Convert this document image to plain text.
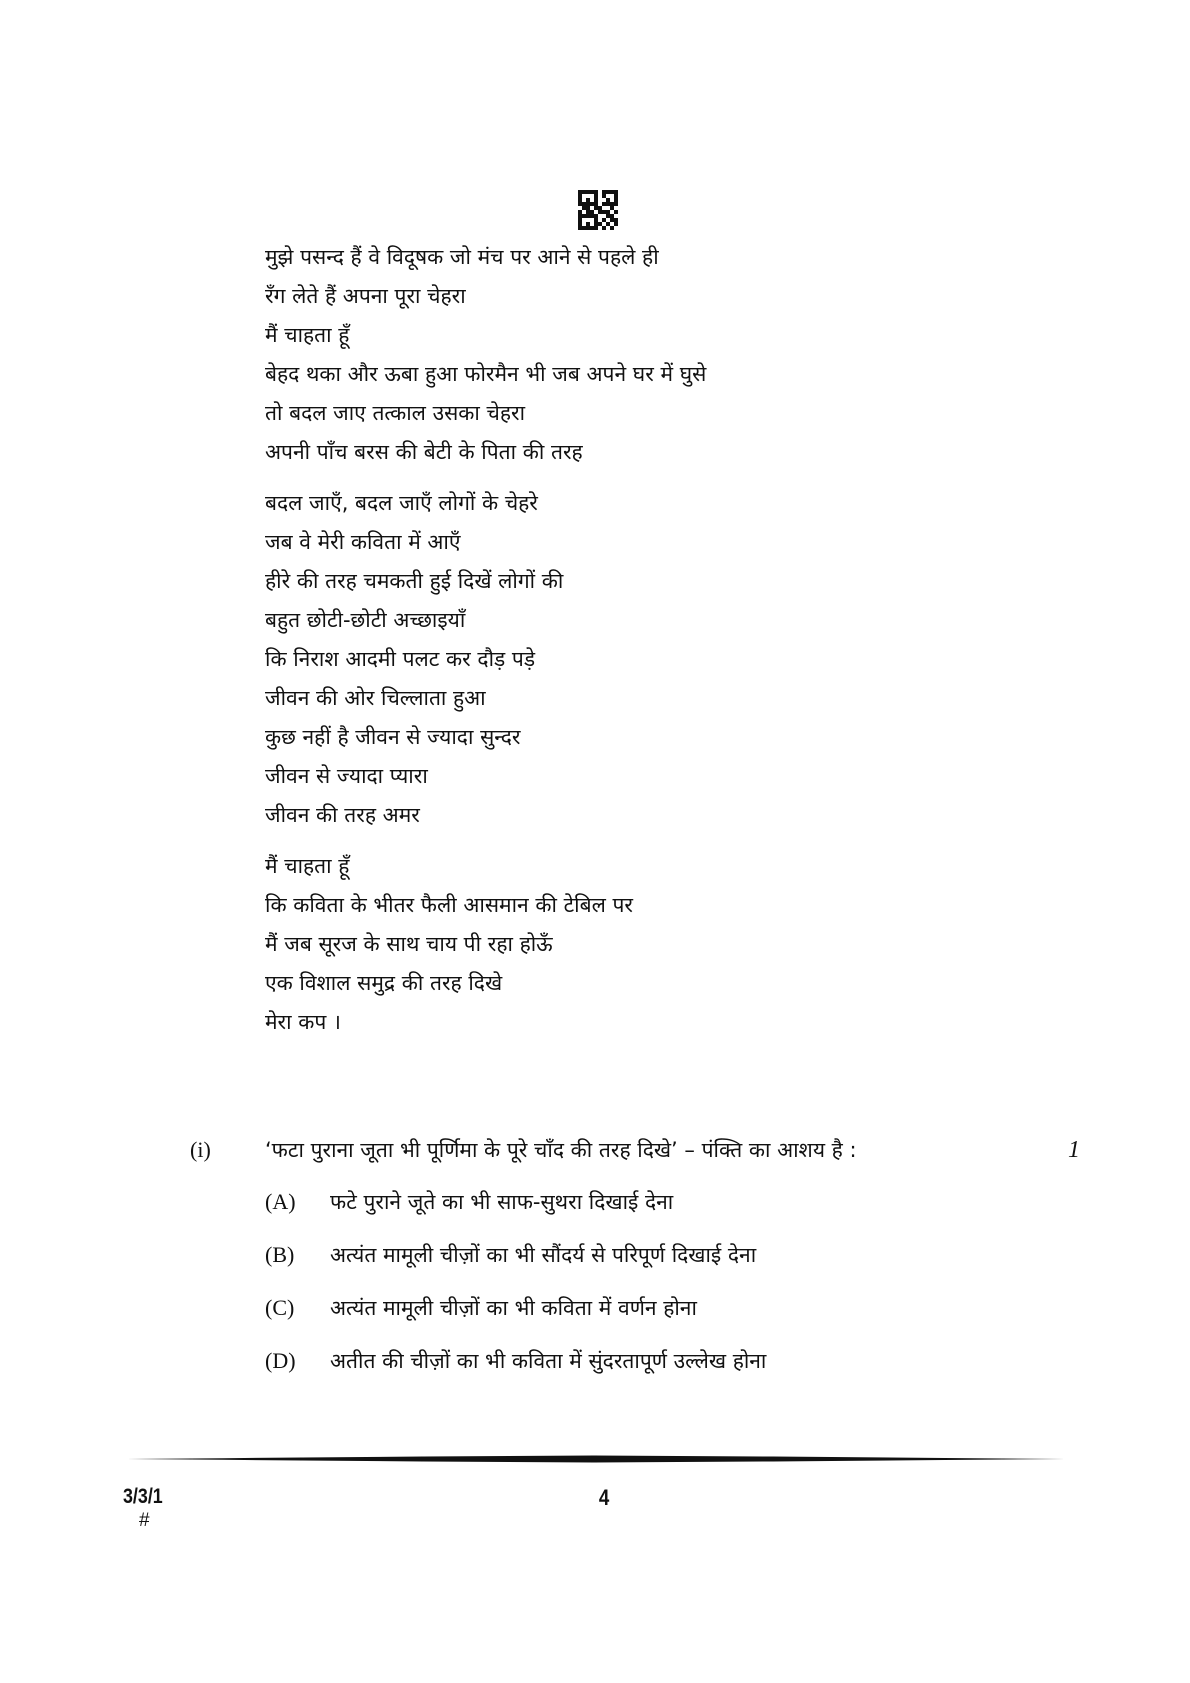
मुझे पसन्द हैं वे विदूषक जो मंच पर आने से पहले ही
रँग लेते हैं अपना पूरा चेहरा
मैं चाहता हूँ
बेहद थका और ऊबा हुआ फोरमैन भी जब अपने घर में घुसे
तो बदल जाए तत्काल उसका चेहरा
अपनी पाँच बरस की बेटी के पिता की तरह
बदल जाएँ, बदल जाएँ लोगों के चेहरे
जब वे मेरी कविता में आएँ
हीरे की तरह चमकती हुई दिखें लोगों की
बहुत छोटी-छोटी अच्छाइयाँ
कि निराश आदमी पलट कर दौड़ पड़े
जीवन की ओर चिल्लाता हुआ
कुछ नहीं है जीवन से ज्यादा सुन्दर
जीवन से ज्यादा प्यारा
जीवन की तरह अमर
मैं चाहता हूँ
कि कविता के भीतर फैली आसमान की टेबिल पर
मैं जब सूरज के साथ चाय पी रहा होऊँ
एक विशाल समुद्र की तरह दिखे
मेरा कप ।
(i)	‘फटा पुराना जूता भी पूर्णिमा के पूरे चाँद की तरह दिखे’ – पंक्ति का आशय है :	1
(A) फटे पुराने जूते का भी साफ-सुथरा दिखाई देना
(B) अत्यंत मामूली चीज़ों का भी सौंदर्य से परिपूर्ण दिखाई देना
(C) अत्यंत मामूली चीज़ों का भी कविता में वर्णन होना
(D) अतीत की चीज़ों का भी कविता में सुंदरतापूर्ण उल्लेख होना
3/3/1
#
4
